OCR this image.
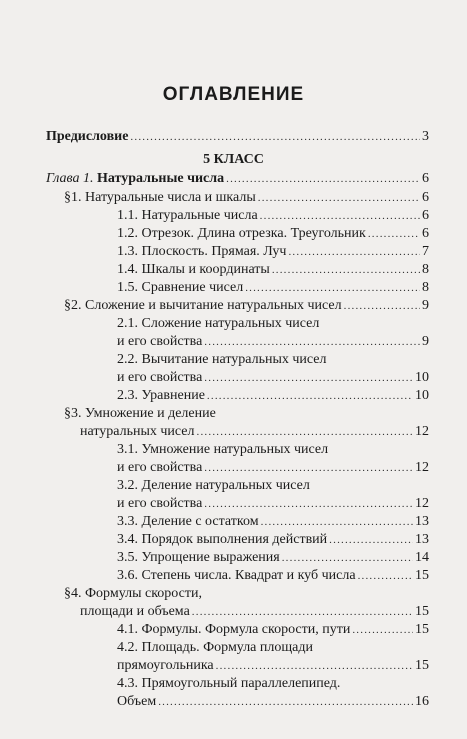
ОГЛАВЛЕНИЕ
Предисловие .....	3
5 КЛАСС
Глава 1. Натуральные числа .....	6
§1. Натуральные числа и шкалы .....	6
1.1. Натуральные числа .....	6
1.2. Отрезок. Длина отрезка. Треугольник .....	6
1.3. Плоскость. Прямая. Луч .....	7
1.4. Шкалы и координаты .....	8
1.5. Сравнение чисел .....	8
§2. Сложение и вычитание натуральных чисел .....	9
2.1. Сложение натуральных чисел
и его свойства .....	9
2.2. Вычитание натуральных чисел
и его свойства .....	10
2.3. Уравнение .....	10
§3. Умножение и деление
натуральных чисел .....	12
3.1. Умножение натуральных чисел
и его свойства .....	12
3.2. Деление натуральных чисел
и его свойства .....	12
3.3. Деление с остатком .....	13
3.4. Порядок выполнения действий .....	13
3.5. Упрощение выражения .....	14
3.6. Степень числа. Квадрат и куб числа .....	15
§4. Формулы скорости,
площади и объема .....	15
4.1. Формулы. Формула скорости, пути .....	15
4.2. Площадь. Формула площади
прямоугольника .....	15
4.3. Прямоугольный параллелепипед.
Объем .....	16
